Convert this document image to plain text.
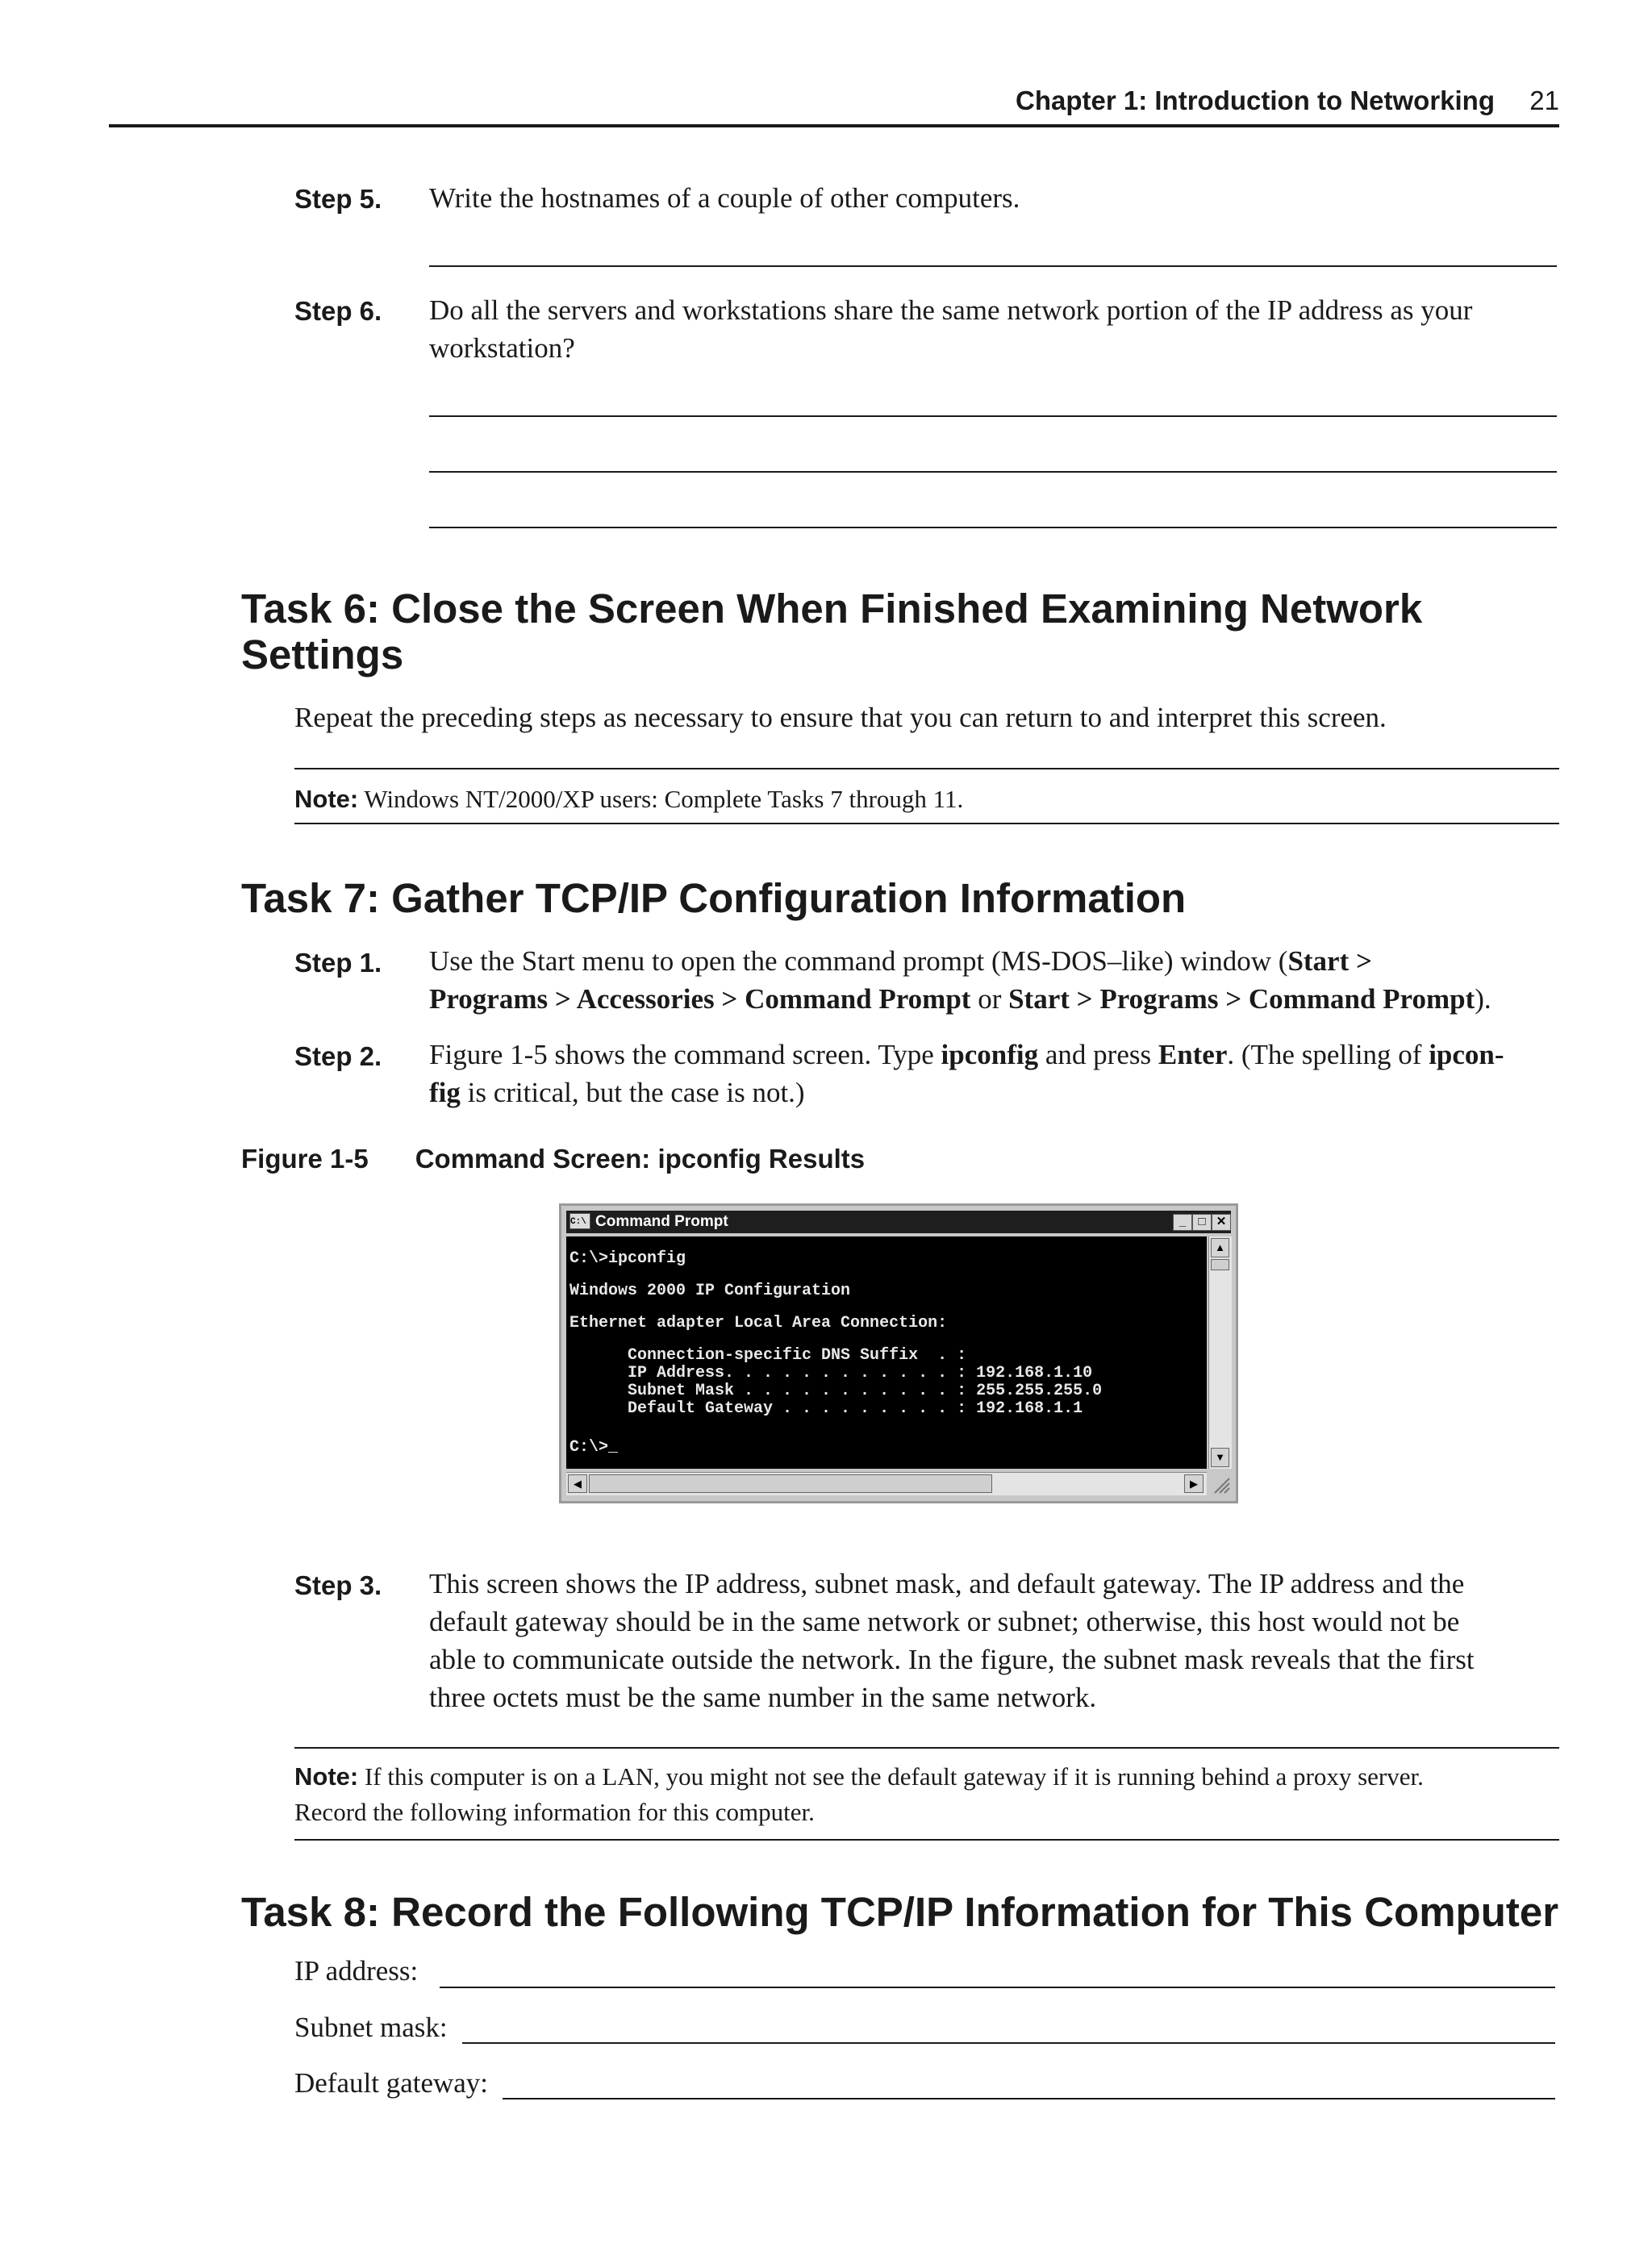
Chapter 1: Introduction to Networking 21
Step 5. Write the hostnames of a couple of other computers.
Step 6. Do all the servers and workstations share the same network portion of the IP address as your
workstation?
Task 6: Close the Screen When Finished Examining Network
Settings
Repeat the preceding steps as necessary to ensure that you can return to and interpret this screen.
Note: Windows NT/2000/XP users: Complete Tasks 7 through 11.
Task 7: Gather TCP/IP Configuration Information
Step 1. Use the Start menu to open the command prompt (MS-DOS–like) window (Start >
Programs > Accessories > Command Prompt or Start > Programs > Command Prompt).
Step 2. Figure 1-5 shows the command screen. Type ipconfig and press Enter. (The spelling of ipcon-
fig is critical, but the case is not.)
Figure 1-5 Command Screen: ipconfig Results
C:\ Command Prompt	_	□ ✕
C:\>ipconfig
Windows 2000 IP Configuration
Ethernet adapter Local Area Connection:
Connection-specific DNS Suffix  . :
IP Address. . . . . . . . . . . . : 192.168.1.10
Subnet Mask . . . . . . . . . . . : 255.255.255.0
Default Gateway . . . . . . . . . : 192.168.1.1
C:\>_
▲
▼
◀	▶
Step 3. This screen shows the IP address, subnet mask, and default gateway. The IP address and the
default gateway should be in the same network or subnet; otherwise, this host would not be
able to communicate outside the network. In the figure, the subnet mask reveals that the first
three octets must be the same number in the same network.
Note: If this computer is on a LAN, you might not see the default gateway if it is running behind a proxy server.
Record the following information for this computer.
Task 8: Record the Following TCP/IP Information for This Computer
IP address:
Subnet mask:
Default gateway:
